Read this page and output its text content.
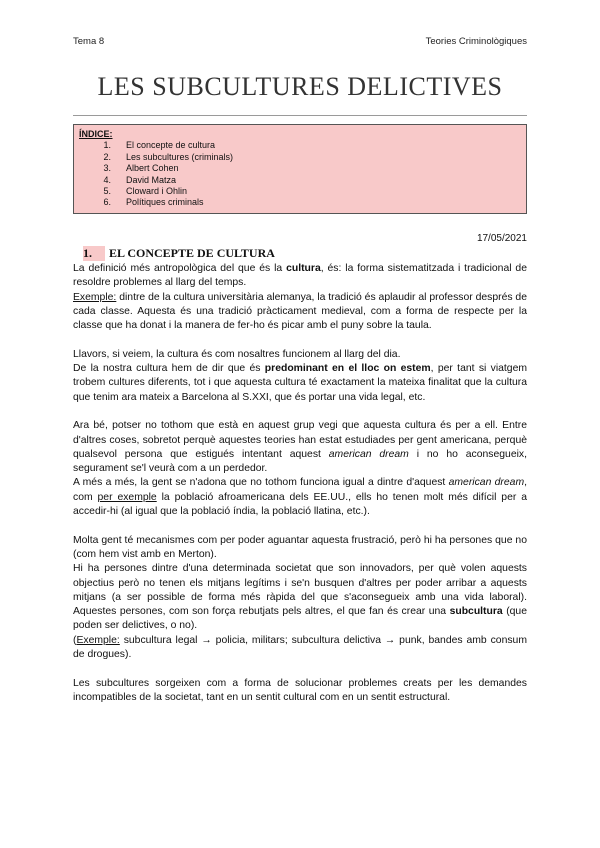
Tema 8	Teories Criminològiques
LES SUBCULTURES DELICTIVES
ÍNDICE:
1.	El concepte de cultura
2.	Les subcultures (criminals)
3.	Albert Cohen
4.	David Matza
5.	Cloward i Ohlin
6.	Polítiques criminals
17/05/2021
1. EL CONCEPTE DE CULTURA

La definició més antropològica del que és la cultura, és: la forma sistematitzada i tradicional de resoldre problemes al llarg del temps.

Exemple: dintre de la cultura universitària alemanya, la tradició és aplaudir al professor després de cada classe. Aquesta és una tradició pràcticament medieval, com a forma de respecte per la classe que ha donat i la manera de fer-ho és picar amb el puny sobre la taula.

Llavors, si veiem, la cultura és com nosaltres funcionem al llarg del dia.

De la nostra cultura hem de dir que és predominant en el lloc on estem, per tant si viatgem trobem cultures diferents, tot i que aquesta cultura té exactament la mateixa finalitat que la cultura que tenim ara mateix a Barcelona al S.XXI, que és portar una vida legal, etc.

Ara bé, potser no tothom que està en aquest grup vegi que aquesta cultura és per a ell. Entre d'altres coses, sobretot perquè aquestes teories han estat estudiades per gent americana, perquè qualsevol persona que estigués intentant aquest american dream i no ho aconsegueix, segurament se'l veurà com a un perdedor.

A més a més, la gent se n'adona que no tothom funciona igual a dintre d'aquest american dream, com per exemple la població afroamericana dels EE.UU., ells ho tenen molt més difícil per a accedir-hi (al igual que la població índia, la població llatina, etc.).

Molta gent té mecanismes com per poder aguantar aquesta frustració, però hi ha persones que no (com hem vist amb en Merton).

Hi ha persones dintre d'una determinada societat que son innovadors, per què volen aquests objectius però no tenen els mitjans legítims i se'n busquen d'altres per poder arribar a aquests mitjans (a ser possible de forma més ràpida del que s'aconsegueix amb una vida laboral). Aquestes persones, com son força rebutjats pels altres, el que fan és crear una subcultura (que poden ser delictives, o no).

(Exemple: subcultura legal → policia, militars; subcultura delictiva → punk, bandes amb consum de drogues).

Les subcultures sorgeixen com a forma de solucionar problemes creats per les demandes incompatibles de la societat, tant en un sentit cultural com en un sentit estructural.
